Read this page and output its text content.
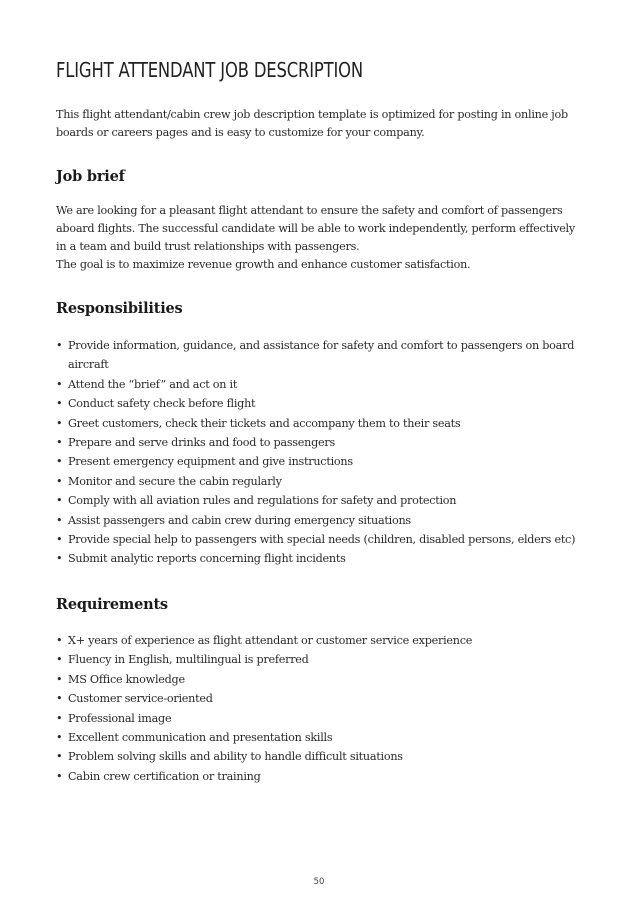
FLIGHT ATTENDANT JOB DESCRIPTION

This flight attendant/cabin crew job description template is optimized for posting in online job boards or careers pages and is easy to customize for your company.

Job brief

We are looking for a pleasant flight attendant to ensure the safety and comfort of passengers aboard flights. The successful candidate will be able to work independently, perform effectively in a team and build trust relationships with passengers.

The goal is to maximize revenue growth and enhance customer satisfaction.

Responsibilities
• Provide information, guidance, and assistance for safety and comfort to passengers on board aircraft
• Attend the “brief” and act on it
• Conduct safety check before flight
• Greet customers, check their tickets and accompany them to their seats
• Prepare and serve drinks and food to passengers
• Present emergency equipment and give instructions
• Monitor and secure the cabin regularly
• Comply with all aviation rules and regulations for safety and protection
• Assist passengers and cabin crew during emergency situations
• Provide special help to passengers with special needs (children, disabled persons, elders etc)
• Submit analytic reports concerning flight incidents
Requirements
• X+ years of experience as flight attendant or customer service experience
• Fluency in English, multilingual is preferred
• MS Office knowledge
• Customer service-oriented
• Professional image
• Excellent communication and presentation skills
• Problem solving skills and ability to handle difficult situations
• Cabin crew certification or training
50
